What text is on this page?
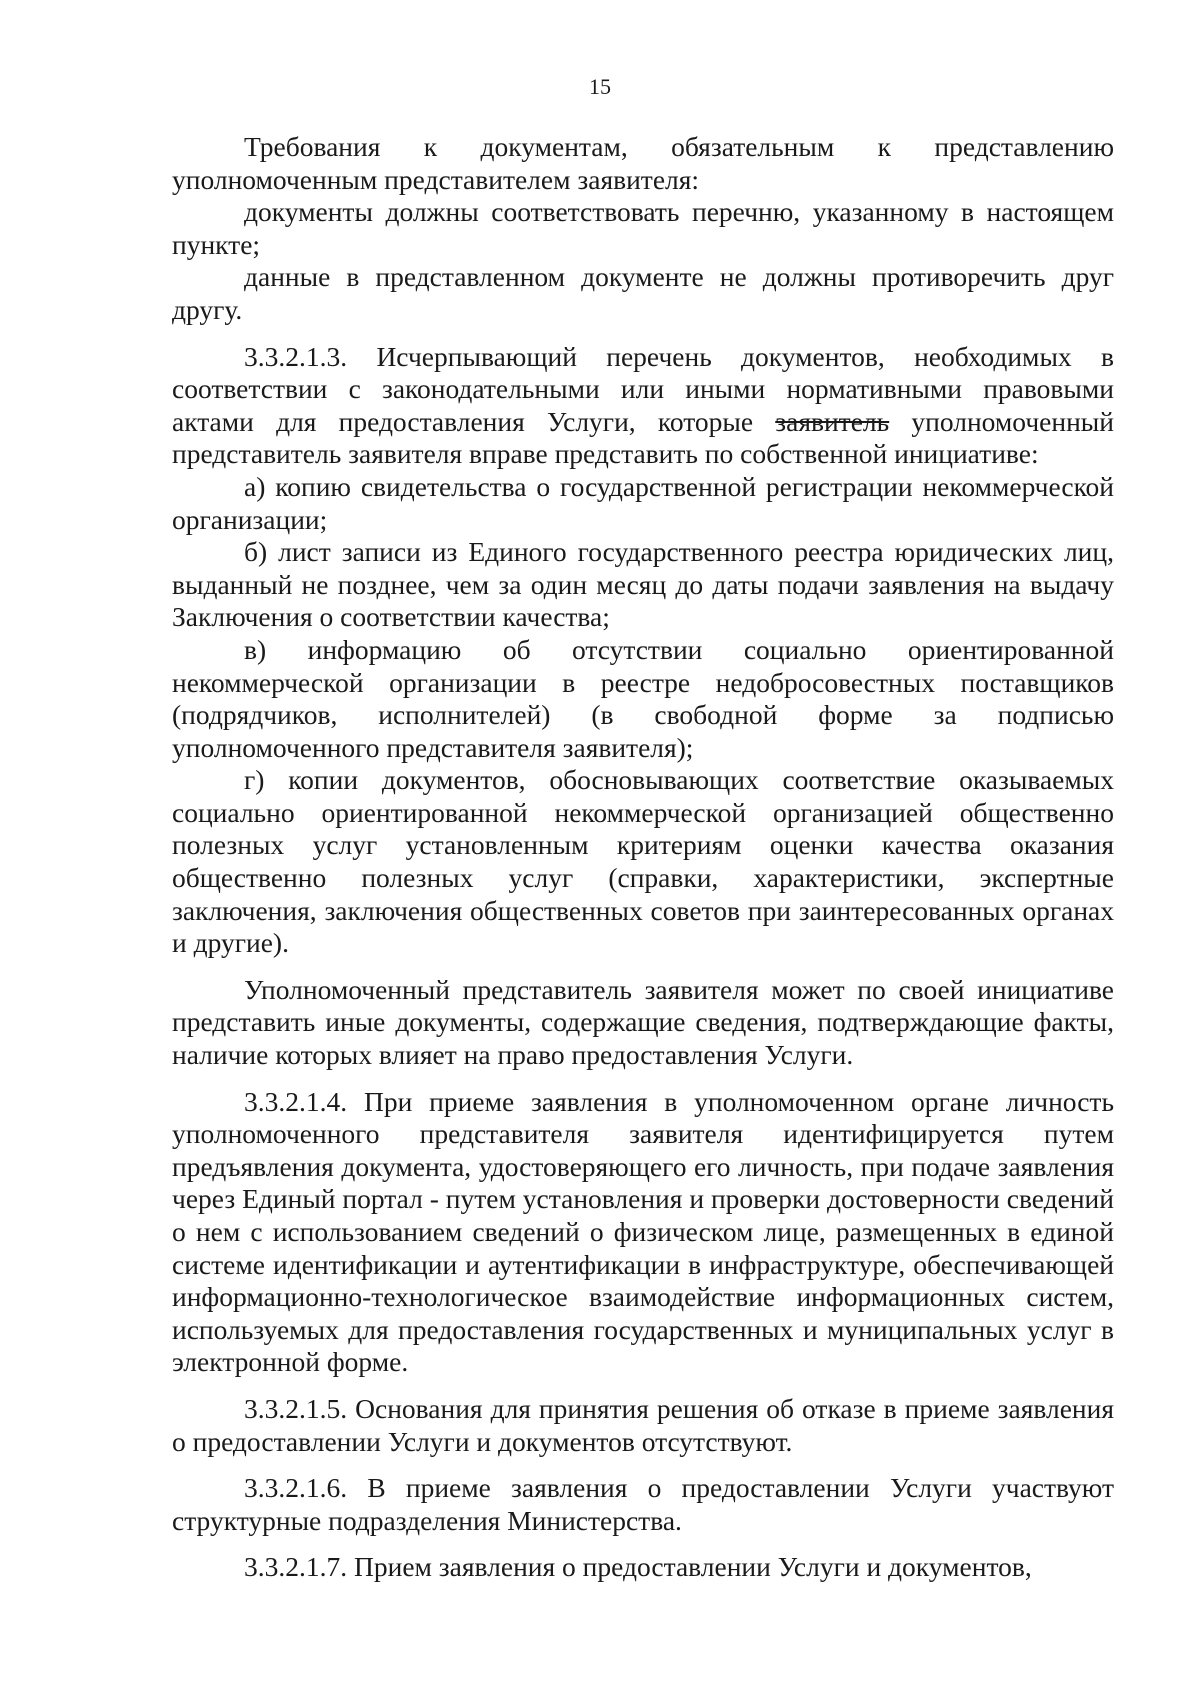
15

Требования к документам, обязательным к представлению уполномоченным представителем заявителя:

документы должны соответствовать перечню, указанному в настоящем пункте;

данные в представленном документе не должны противоречить друг другу.

3.3.2.1.3. Исчерпывающий перечень документов, необходимых в соответствии с законодательными или иными нормативными правовыми актами для предоставления Услуги, которые заявитель уполномоченный представитель заявителя вправе представить по собственной инициативе:

а) копию свидетельства о государственной регистрации некоммерческой организации;

б) лист записи из Единого государственного реестра юридических лиц, выданный не позднее, чем за один месяц до даты подачи заявления на выдачу Заключения о соответствии качества;

в) информацию об отсутствии социально ориентированной некоммерческой организации в реестре недобросовестных поставщиков (подрядчиков, исполнителей) (в свободной форме за подписью уполномоченного представителя заявителя);

г) копии документов, обосновывающих соответствие оказываемых социально ориентированной некоммерческой организацией общественно полезных услуг установленным критериям оценки качества оказания общественно полезных услуг (справки, характеристики, экспертные заключения, заключения общественных советов при заинтересованных органах и другие).

Уполномоченный представитель заявителя может по своей инициативе представить иные документы, содержащие сведения, подтверждающие факты, наличие которых влияет на право предоставления Услуги.

3.3.2.1.4. При приеме заявления в уполномоченном органе личность уполномоченного представителя заявителя идентифицируется путем предъявления документа, удостоверяющего его личность, при подаче заявления через Единый портал - путем установления и проверки достоверности сведений о нем с использованием сведений о физическом лице, размещенных в единой системе идентификации и аутентификации в инфраструктуре, обеспечивающей информационно-технологическое взаимодействие информационных систем, используемых для предоставления государственных и муниципальных услуг в электронной форме.

3.3.2.1.5. Основания для принятия решения об отказе в приеме заявления о предоставлении Услуги и документов отсутствуют.

3.3.2.1.6. В приеме заявления о предоставлении Услуги участвуют структурные подразделения Министерства.

3.3.2.1.7. Прием заявления о предоставлении Услуги и документов,
